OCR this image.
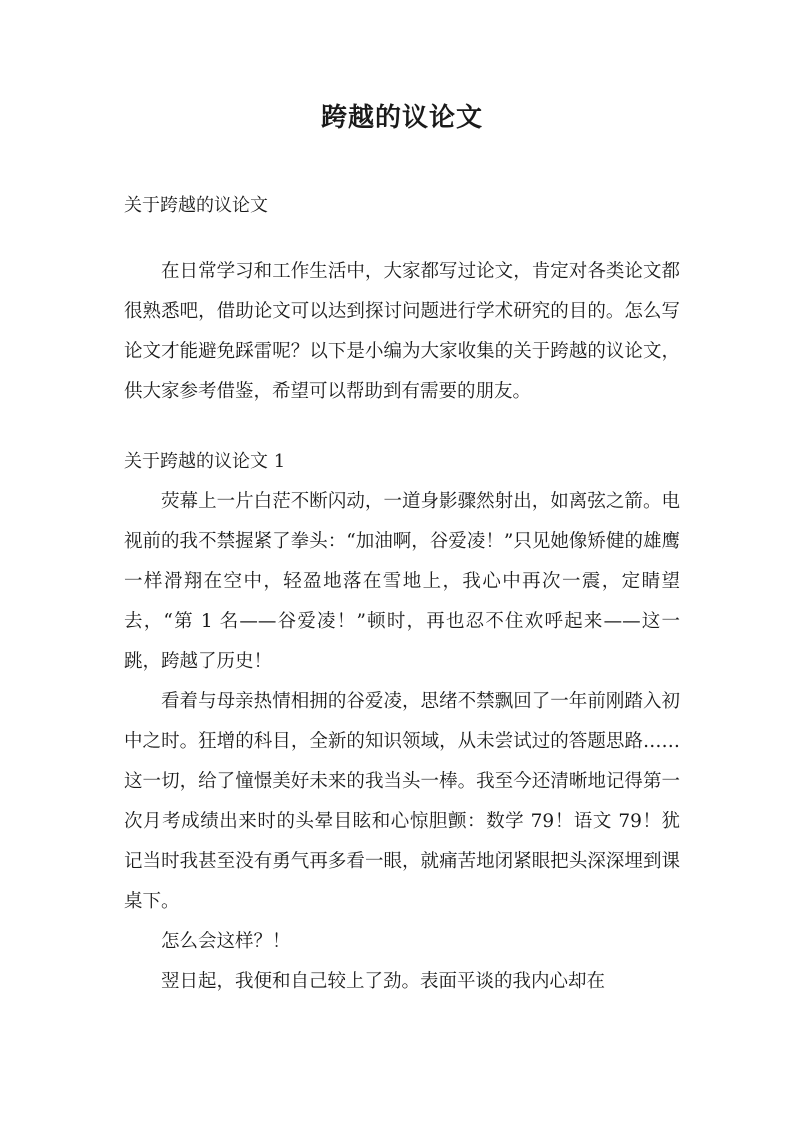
跨越的议论文

关于跨越的议论文

在日常学习和工作生活中，大家都写过论文，肯定对各类论文都很熟悉吧，借助论文可以达到探讨问题进行学术研究的目的。怎么写论文才能避免踩雷呢？以下是小编为大家收集的关于跨越的议论文，供大家参考借鉴，希望可以帮助到有需要的朋友。

关于跨越的议论文 1

荧幕上一片白茫不断闪动，一道身影骤然射出，如离弦之箭。电视前的我不禁握紧了拳头：“加油啊，谷爱凌！”只见她像矫健的雄鹰一样滑翔在空中，轻盈地落在雪地上，我心中再次一震，定睛望去，“第 1 名——谷爱凌！”顿时，再也忍不住欢呼起来——这一跳，跨越了历史！

看着与母亲热情相拥的谷爱凌，思绪不禁飘回了一年前刚踏入初中之时。狂增的科目，全新的知识领域，从未尝试过的答题思路……这一切，给了憧憬美好未来的我当头一棒。我至今还清晰地记得第一次月考成绩出来时的头晕目眩和心惊胆颤：数学 79！语文 79！犹记当时我甚至没有勇气再多看一眼，就痛苦地闭紧眼把头深深埋到课桌下。

怎么会这样？！

翌日起，我便和自己较上了劲。表面平谈的我内心却在
